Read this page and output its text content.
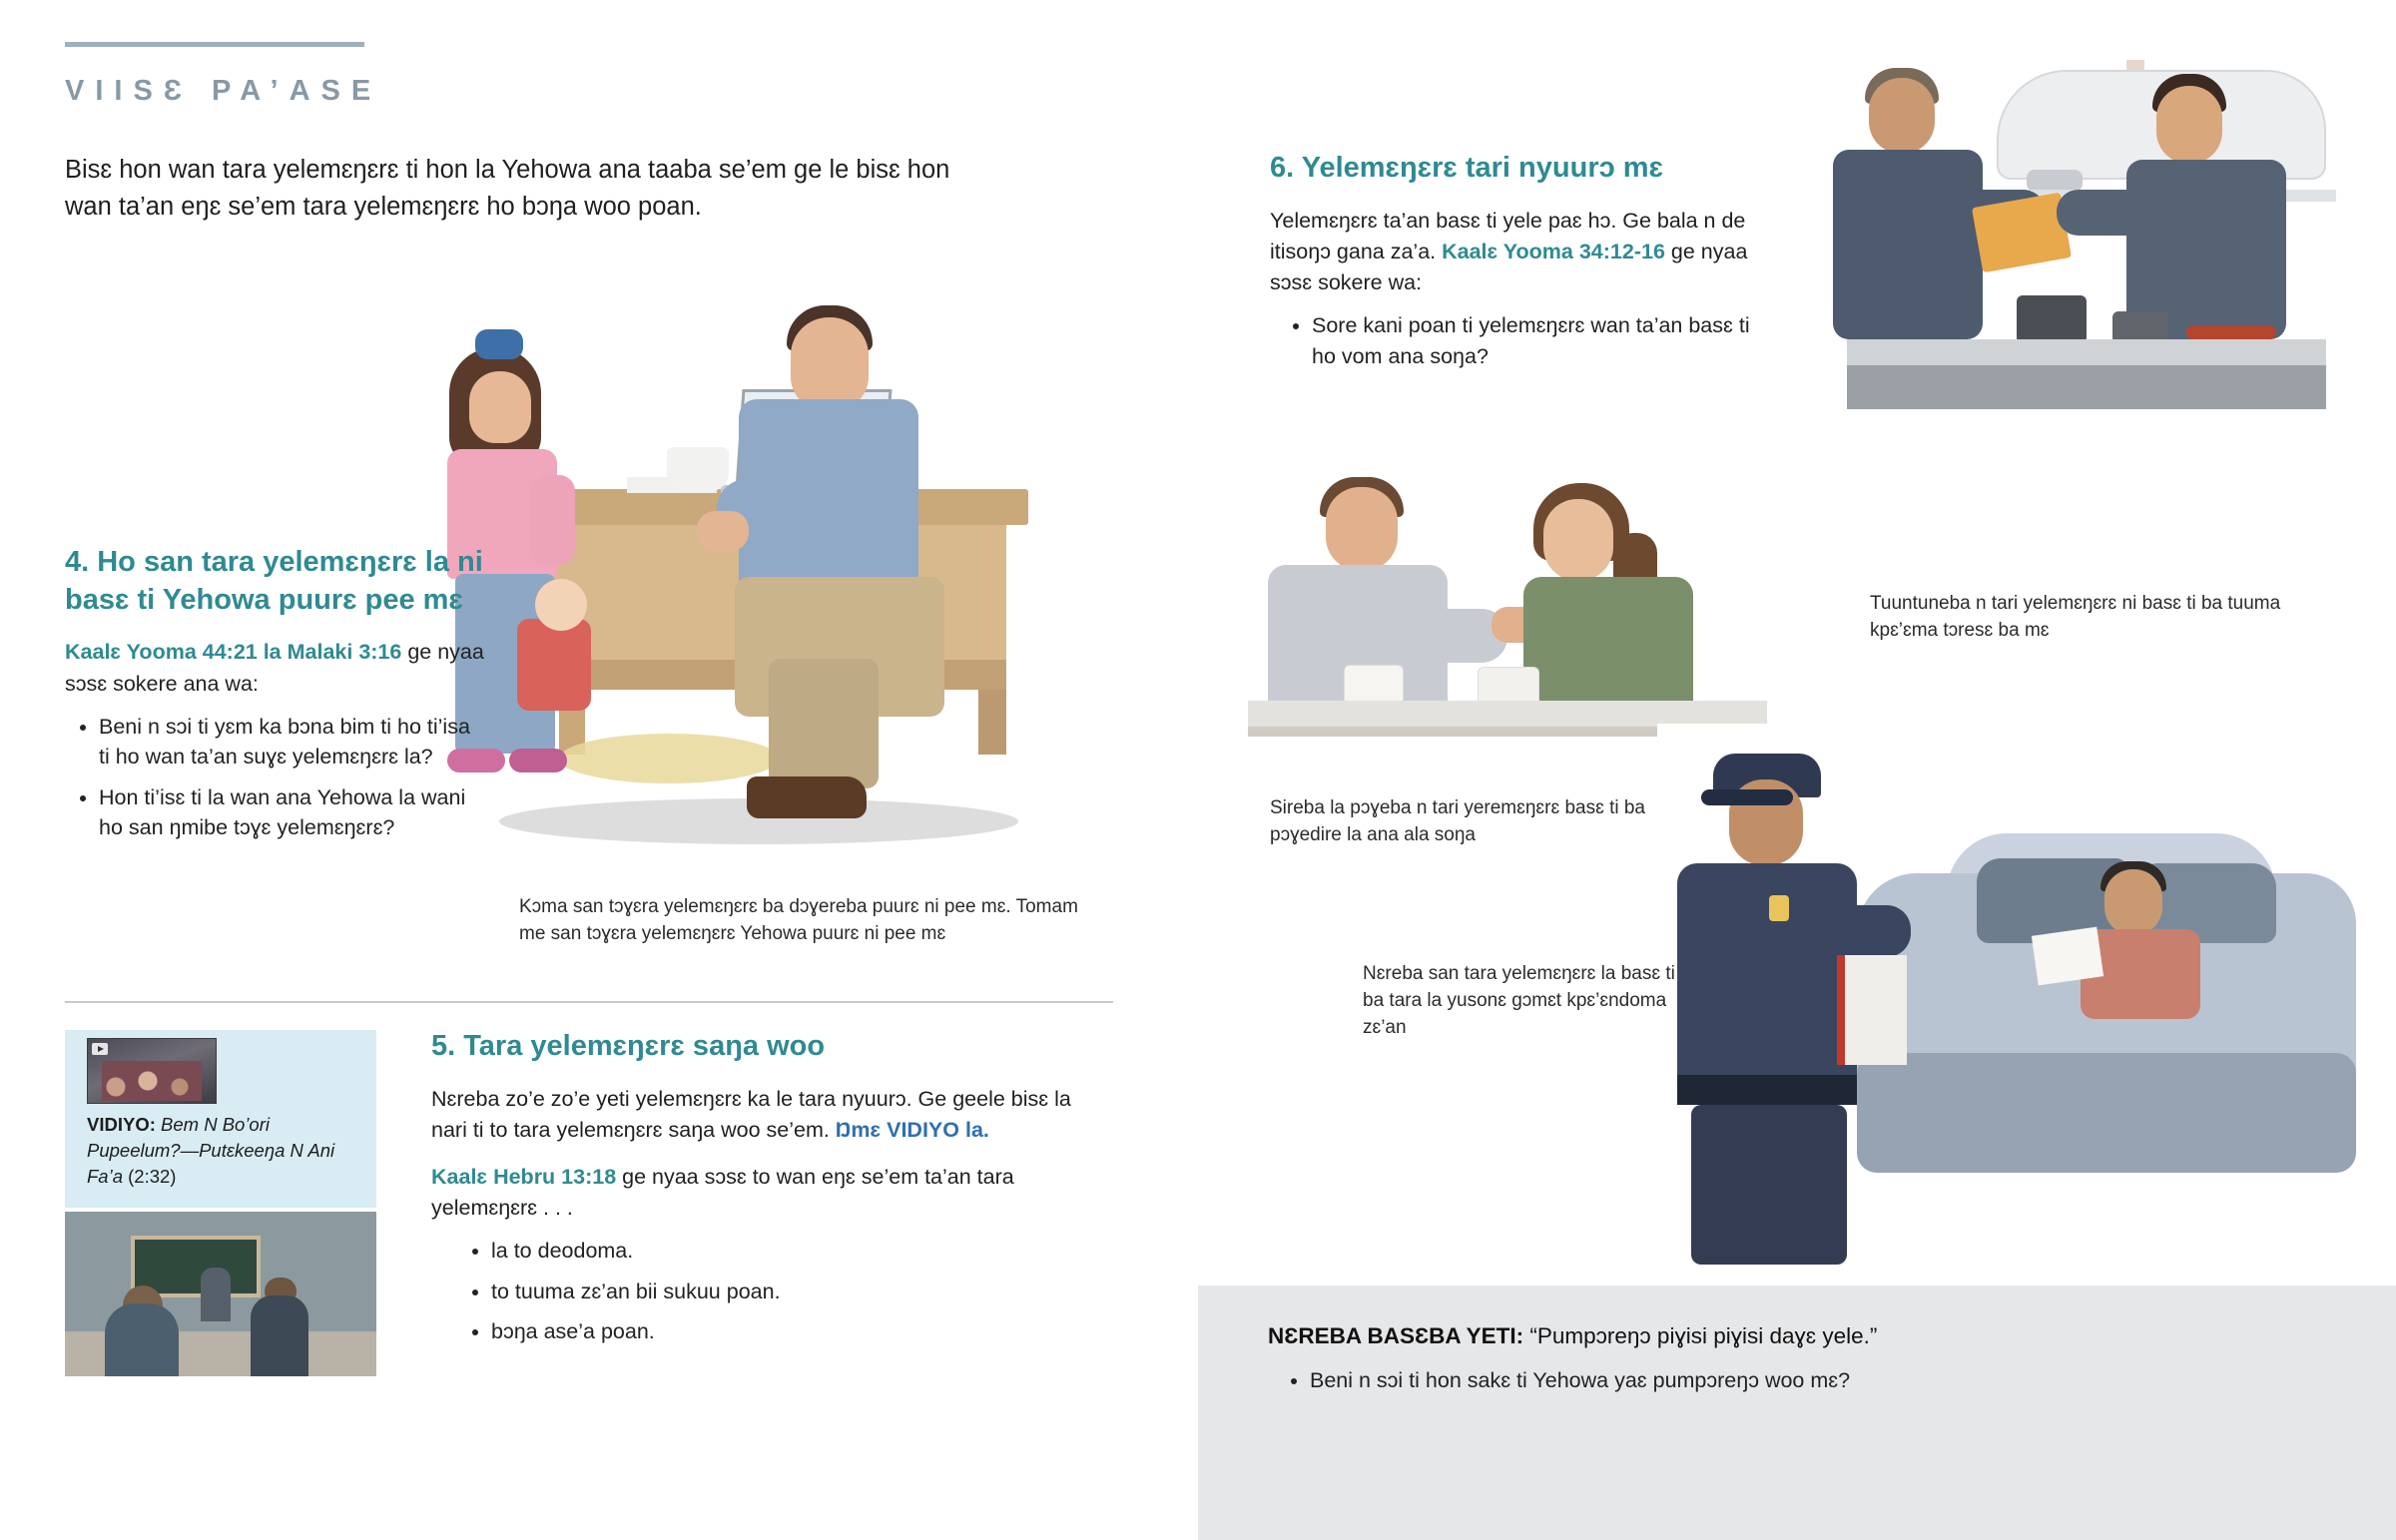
VIISƐ PA’ASE
Bisɛ hon wan tara yelemɛŋɛrɛ ti hon la Yehowa ana taaba se’em ge le bisɛ hon wan ta’an eŋɛ se’em tara yelemɛŋɛrɛ ho bɔŋa woo poan.
Kɔma san tɔɣɛra yelemɛŋɛrɛ ba dɔɣereba puurɛ ni pee mɛ. Tomam me san tɔɣɛra yelemɛŋɛrɛ Yehowa puurɛ ni pee mɛ
4. Ho san tara yelemɛŋɛrɛ la ni basɛ ti Yehowa puurɛ pee mɛ
Kaalɛ Yooma 44:21 la Malaki 3:16 ge nyaa sɔsɛ sokere ana wa:
• Beni n sɔi ti yɛm ka bɔna bim ti ho ti’isa ti ho wan ta’an suɣɛ yelemɛŋɛrɛ la?
• Hon ti’isɛ ti la wan ana Yehowa la wani ho san ŋmibe tɔɣɛ yelemɛŋɛrɛ?
VIDIYO: Bem N Bo’ori Pupeelum?—Putɛkeeŋa N Ani Fa’a (2:32)
5. Tara yelemɛŋɛrɛ saŋa woo
Nɛreba zo’e zo’e yeti yelemɛŋɛrɛ ka le tara nyuurɔ. Ge geele bisɛ la nari ti to tara yelemɛŋɛrɛ saŋa woo se’em. Ŋmɛ VIDIYO la.
Kaalɛ Hebru 13:18 ge nyaa sɔsɛ to wan eŋɛ se’em ta’an tara yelemɛŋɛrɛ . . .
• la to deodoma.
• to tuuma zɛ’an bii sukuu poan.
• bɔŋa ase’a poan.
6. Yelemɛŋɛrɛ tari nyuurɔ mɛ
Yelemɛŋɛrɛ ta’an basɛ ti yele paɛ hɔ. Ge bala n de itisoŋɔ gana za’a. Kaalɛ Yooma 34:12-16 ge nyaa sɔsɛ sokere wa:
• Sore kani poan ti yelemɛŋɛrɛ wan ta’an basɛ ti ho vom ana soŋa?
Tuuntuneba n tari yelemɛŋɛrɛ ni basɛ ti ba tuuma kpɛ’ɛma tɔresɛ ba mɛ
Sireba la pɔɣeba n tari yeremɛŋɛrɛ basɛ ti ba pɔɣedire la ana ala soŋa
Nɛreba san tara yelemɛŋɛrɛ la basɛ ti ba tara la yusonɛ gɔmɛt kpɛ’ɛndoma zɛ’an
NƐREBA BASƐBA YETI: “Pumpɔreŋɔ piɣisi piɣisi daɣɛ yele.”
• Beni n sɔi ti hon sakɛ ti Yehowa yaɛ pumpɔreŋɔ woo mɛ?
